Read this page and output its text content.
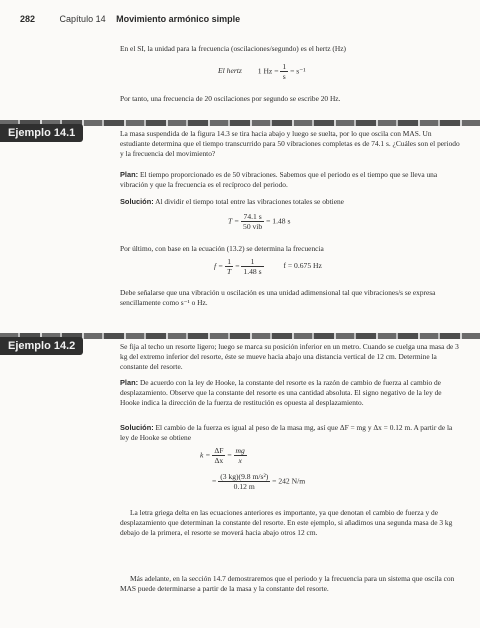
282	Capítulo 14 Movimiento armónico simple

En el SI, la unidad para la frecuencia (oscilaciones/segundo) es el hertz (Hz)

El hertz 1 $Hz = \frac{1}{s} = s^{-1}$

Por tanto, una frecuencia de 20 oscilaciones por segundo se escribe 20 Hz.

Ejemplo 14.1	La masa suspendida de la figura 14.3 se tira hacia abajo y luego se suelta, por lo que oscila con MAS. Un estudiante determina que el tiempo transcurrido para 50 vibraciones completas es de 74.1 s. ¿Cuáles son el periodo y la frecuencia del movimiento?

Plan: El tiempo proporcionado es de 50 vibraciones. Sabemos que el periodo es el tiempo que se lleva una vibración y que la frecuencia es el recíproco del periodo.

Solución: Al dividir el tiempo total entre las vibraciones totales se obtiene

$T = \frac{74.1 s}{\text{50 vib}} = 1.48$ s

Por último, con base en la ecuación (13.2) se determina la frecuencia

$f = \frac{1}{T} = \frac{1}{1.48 s}$	f = 0.675 Hz

Debe señalarse que una vibración u oscilación es una unidad adimensional tal que vibraciones/s se expresa sencillamente como s⁻¹ o Hz.

Ejemplo 14.2	Se fija al techo un resorte ligero; luego se marca su posición inferior en un metro. Cuando se cuelga una masa de 3 kg del extremo inferior del resorte, éste se mueve hacia abajo una distancia vertical de 12 cm. Determine la constante del resorte.

Plan: De acuerdo con la ley de Hooke, la constante del resorte es la razón de cambio de fuerza al cambio de desplazamiento. Observe que la constante del resorte es una cantidad absoluta. El signo negativo de la ley de Hooke indica la dirección de la fuerza de restitución es opuesta al desplazamiento.

Solución: El cambio de la fuerza es igual al peso de la masa mg, así que ΔF = mg y Δx = 0.12 m. A partir de la ley de Hooke se obtiene

$k = \frac{\Delta F}{\Delta x} = \frac{mg}{x}$
= $\frac{\text{(3 kg)(9.8 m/s²)}}{0.12 m} = 242$ N/m

La letra griega delta en las ecuaciones anteriores es importante, ya que denotan el cambio de fuerza y de desplazamiento que determinan la constante del resorte. En este ejemplo, si añadimos una segunda masa de 3 kg debajo de la primera, el resorte se moverá hacia abajo otros 12 cm.

Más adelante, en la sección 14.7 demostraremos que el periodo y la frecuencia para un sistema que oscila con MAS puede determinarse a partir de la masa y la constante del resorte.
